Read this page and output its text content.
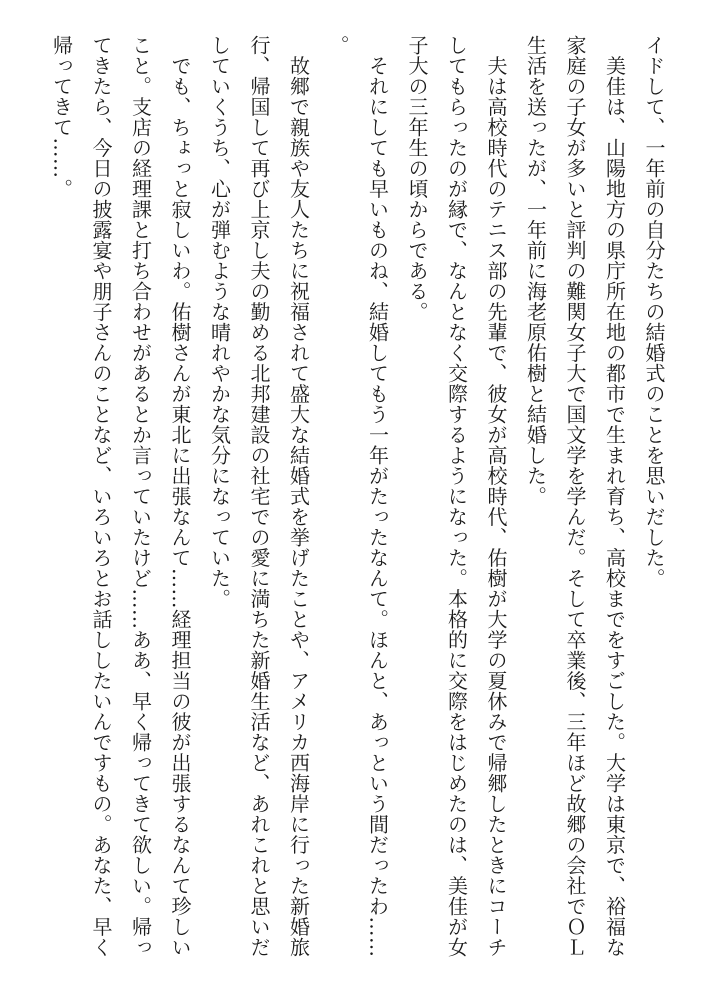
イドして、一年前の自分たちの結婚式のことを思いだした。

　美佳は、山陽地方の県庁所在地の都市で生まれ育ち、高校までをすごした。大学は東京で、裕福な家庭の子女が多いと評判の難関女子大で国文学を学んだ。そして卒業後、三年ほど故郷の会社でＯＬ生活を送ったが、一年前に海老原佑樹と結婚した。

　夫は高校時代のテニス部の先輩で、彼女が高校時代、佑樹が大学の夏休みで帰郷したときにコーチしてもらったのが縁で、なんとなく交際するようになった。本格的に交際をはじめたのは、美佳が女子大の三年生の頃からである。

　それにしても早いものね、結婚してもう一年がたったなんて。ほんと、あっという間だったわ……。

　故郷で親族や友人たちに祝福されて盛大な結婚式を挙げたことや、アメリカ西海岸に行った新婚旅行、帰国して再び上京し夫の勤める北邦建設の社宅での愛に満ちた新婚生活など、あれこれと思いだしていくうち、心が弾むような晴れやかな気分になっていた。

　でも、ちょっと寂しいわ。佑樹さんが東北に出張なんて……経理担当の彼が出張するなんて珍しいこと。支店の経理課と打ち合わせがあるとか言っていたけど……ああ、早く帰ってきて欲しい。帰ってきたら、今日の披露宴や朋子さんのことなど、いろいろとお話ししたいんですもの。あなた、早く帰ってきて……。
